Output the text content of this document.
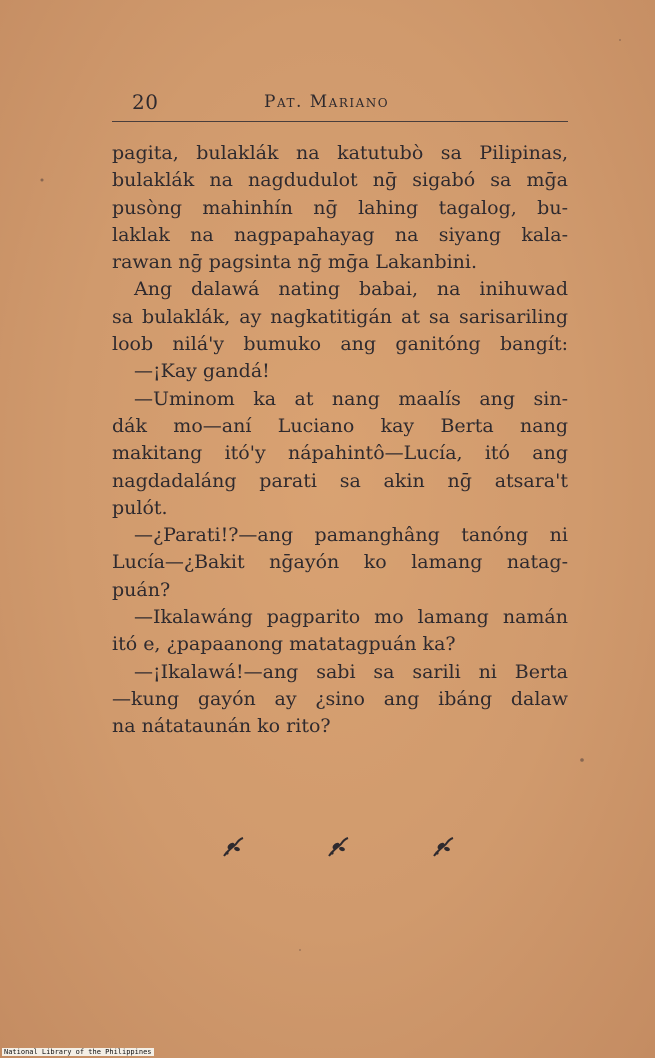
20	Pat. Mariano
pagita, bulaklák na katutubò sa Pilipinas,
bulaklák na nagdudulot nḡ sigabó sa mḡa
pusòng mahinhín nḡ lahing tagalog, bu-
laklak na nagpapahayag na siyang kala-
rawan nḡ pagsinta nḡ mḡa Lakanbini.
Ang dalawá nating babai, na inihuwad
sa bulaklák, ay nagkatitigán at sa sarisariling
loob nilá'y bumuko ang ganitóng bangít:
—¡Kay gandá!
—Uminom ka at nang maalís ang sin-
dák mo—aní Luciano kay Berta nang
makitang itó'y nápahintô—Lucía, itó ang
nagdadaláng parati sa akin nḡ atsara't
pulót.
—¿Parati!?—ang pamanghâng tanóng ni
Lucía—¿Bakit nḡayón ko lamang natag-
puán?
—Ikalawáng pagparito mo lamang namán
itó e, ¿papaanong matatagpuán ka?
—¡Ikalawá!—ang sabi sa sarili ni Berta
—kung gayón ay ¿sino ang ibáng dalaw
na nátataunán ko rito?
National Library of the Philippines
